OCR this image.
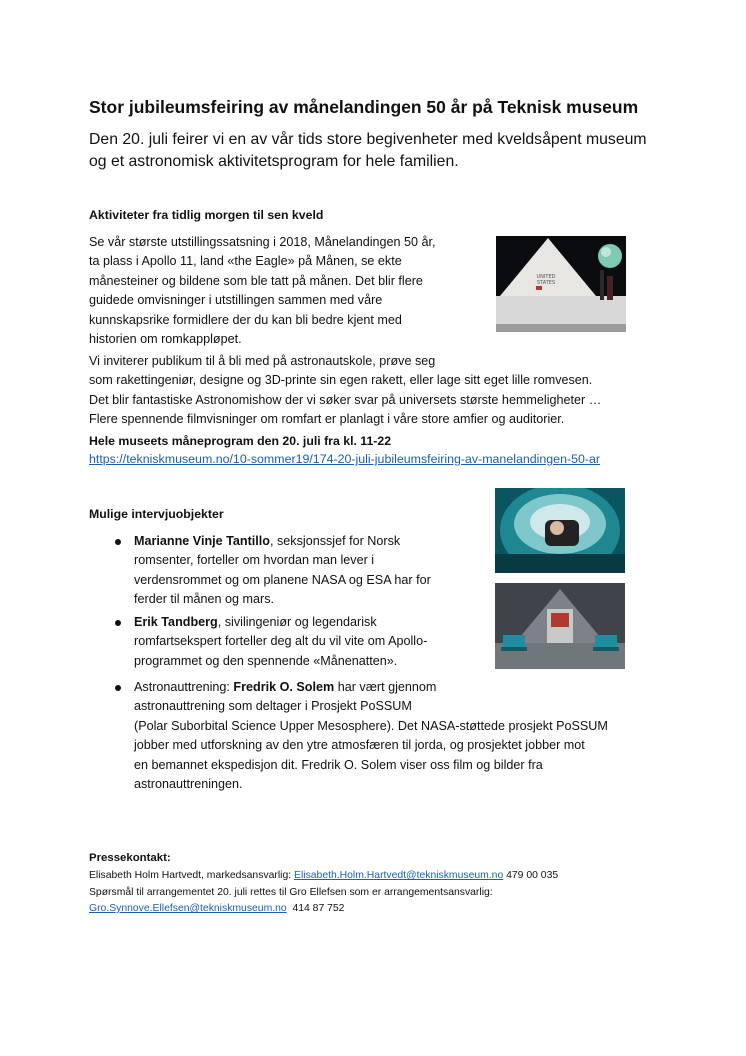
Stor jubileumsfeiring av månelandingen 50 år på Teknisk museum
Den 20. juli feirer vi en av vår tids store begivenheter med kveldsåpent museum og et astronomisk aktivitetsprogram for hele familien.
Aktiviteter fra tidlig morgen til sen kveld
Se vår største utstillingssatsning i 2018, Månelandingen 50 år,
ta plass i Apollo 11, land «the Eagle» på Månen, se ekte
månesteiner og bildene som ble tatt på månen. Det blir flere
guidede omvisninger i utstillingen sammen med våre
kunnskapsrike formidlere der du kan bli bedre kjent med
historien om romkappløpet.
UNITED
STATES
Vi inviterer publikum til å bli med på astronautskole, prøve seg
som rakettingeniør, designe og 3D-printe sin egen rakett, eller lage sitt eget lille romvesen.
Det blir fantastiske Astronomishow der vi søker svar på universets største hemmeligheter …
Flere spennende filmvisninger om romfart er planlagt i våre store amfier og auditorier.
Hele museets måneprogram den 20. juli fra kl. 11-22
https://tekniskmuseum.no/10-sommer19/174-20-juli-jubileumsfeiring-av-manelandingen-50-ar
Mulige intervjuobjekter
Marianne Vinje Tantillo, seksjonssjef for Norsk
romsenter, forteller om hvordan man lever i
verdensrommet og om planene NASA og ESA har for
ferder til månen og mars.
Erik Tandberg, sivilingeniør og legendarisk
romfartsekspert forteller deg alt du vil vite om Apollo-
programmet og den spennende «Månenatten».
Astronauttrening: Fredrik O. Solem har vært gjennom
astronauttrening som deltager i Prosjekt PoSSUM
(Polar Suborbital Science Upper Mesosphere). Det NASA-støttede prosjekt PoSSUM
jobber med utforskning av den ytre atmosfæren til jorda, og prosjektet jobber mot
en bemannet ekspedisjon dit. Fredrik O. Solem viser oss film og bilder fra
astronauttreningen.
Pressekontakt:
Elisabeth Holm Hartvedt, markedsansvarlig: Elisabeth.Holm.Hartvedt@tekniskmuseum.no 479 00 035
Spørsmål til arrangementet 20. juli rettes til Gro Ellefsen som er arrangementsansvarlig:
Gro.Synnove.Ellefsen@tekniskmuseum.no  414 87 752
